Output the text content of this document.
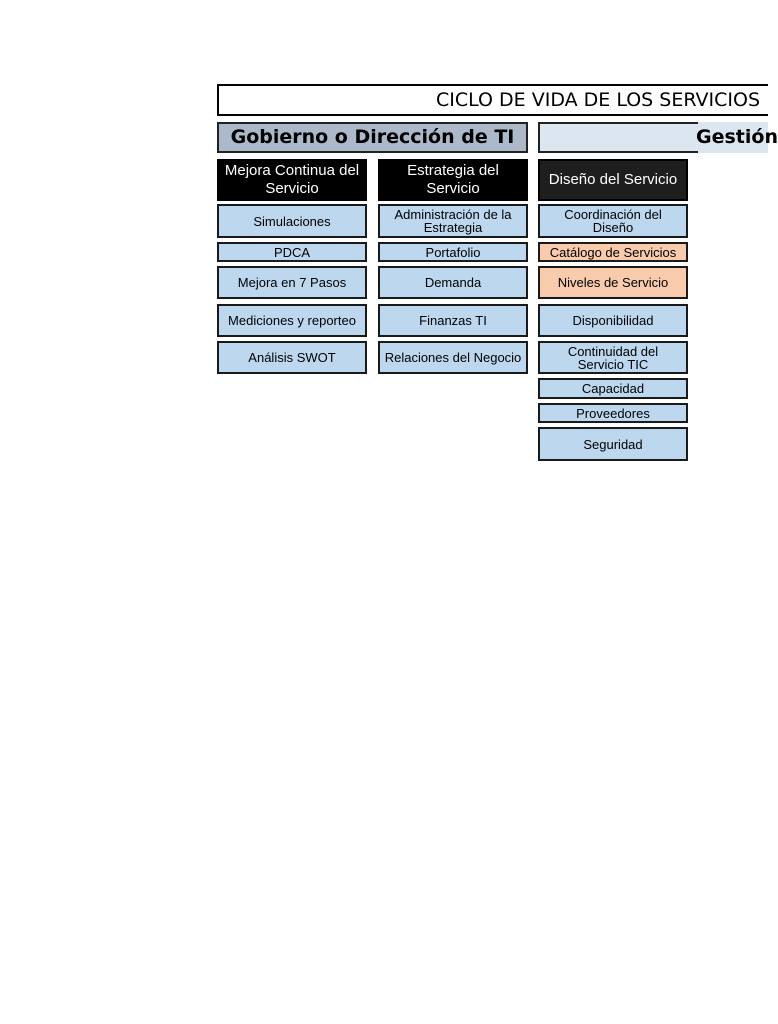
CICLO DE VIDA DE LOS SERVICIOS
Gobierno o Dirección de TI	Gestión
Mejora Continua del Servicio
Simulaciones
PDCA
Mejora en 7 Pasos
Mediciones y reporteo
Análisis SWOT
Estrategia del Servicio
Administración de la Estrategia
Portafolio
Demanda
Finanzas TI
Relaciones del Negocio
Diseño del Servicio
Coordinación del Diseño
Catálogo de Servicios
Niveles de Servicio
Disponibilidad
Continuidad del Servicio TIC
Capacidad
Proveedores
Seguridad
